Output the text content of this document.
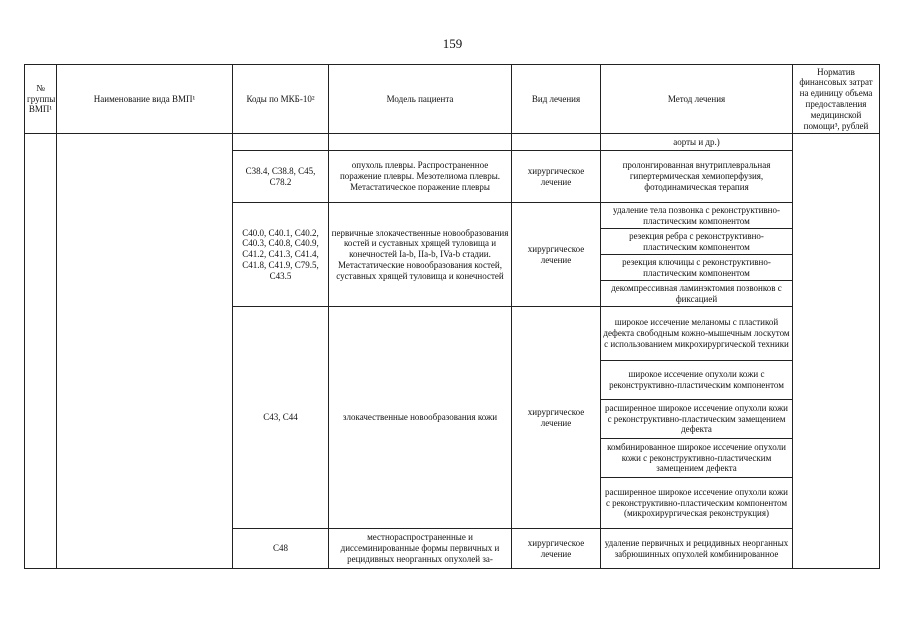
159
№ группы ВМП¹	Наименование вида ВМП¹	Коды по МКБ-10²	Модель пациента	Вид лечения	Метод лечения	Норматив финансовых затрат на единицу объема предоставления медицинской помощи³, рублей
					аорты и др.)	
		C38.4, C38.8, C45, C78.2	опухоль плевры. Распространенное поражение плевры. Мезотелиома плевры. Метастатическое поражение плевры	хирургическое лечение	пролонгированная внутриплевральная гипертермическая хемиоперфузия, фотодинамическая терапия	
		C40.0, C40.1, C40.2, C40.3, C40.8, C40.9, C41.2, C41.3, C41.4, C41.8, C41.9, C79.5, C43.5	первичные злокачественные новообразования костей и суставных хрящей туловища и конечностей Ia-b, IIa-b, IVa-b стадии. Метастатические новообразования костей, суставных хрящей туловища и конечностей	хирургическое лечение	удаление тела позвонка с реконструктивно-пластическим компонентом	
					резекция ребра с реконструктивно-пластическим компонентом	
					резекция ключицы с реконструктивно-пластическим компонентом	
					декомпрессивная ламинэктомия позвонков с фиксацией	
		C43, C44	злокачественные новообразования кожи	хирургическое лечение	широкое иссечение меланомы с пластикой дефекта свободным кожно-мышечным лоскутом с использованием микрохирургической техники	
					широкое иссечение опухоли кожи с реконструктивно-пластическим компонентом	
					расширенное широкое иссечение опухоли кожи с реконструктивно-пластическим замещением дефекта	
					комбинированное широкое иссечение опухоли кожи с реконструктивно-пластическим замещением дефекта	
					расширенное широкое иссечение опухоли кожи с реконструктивно-пластическим компонентом (микрохирургическая реконструкция)	
		C48	местнораспространенные и диссеминированные формы первичных и рецидивных неорганных опухолей за-	хирургическое лечение	удаление первичных и рецидивных неорганных забрюшинных опухолей комбинированное	
